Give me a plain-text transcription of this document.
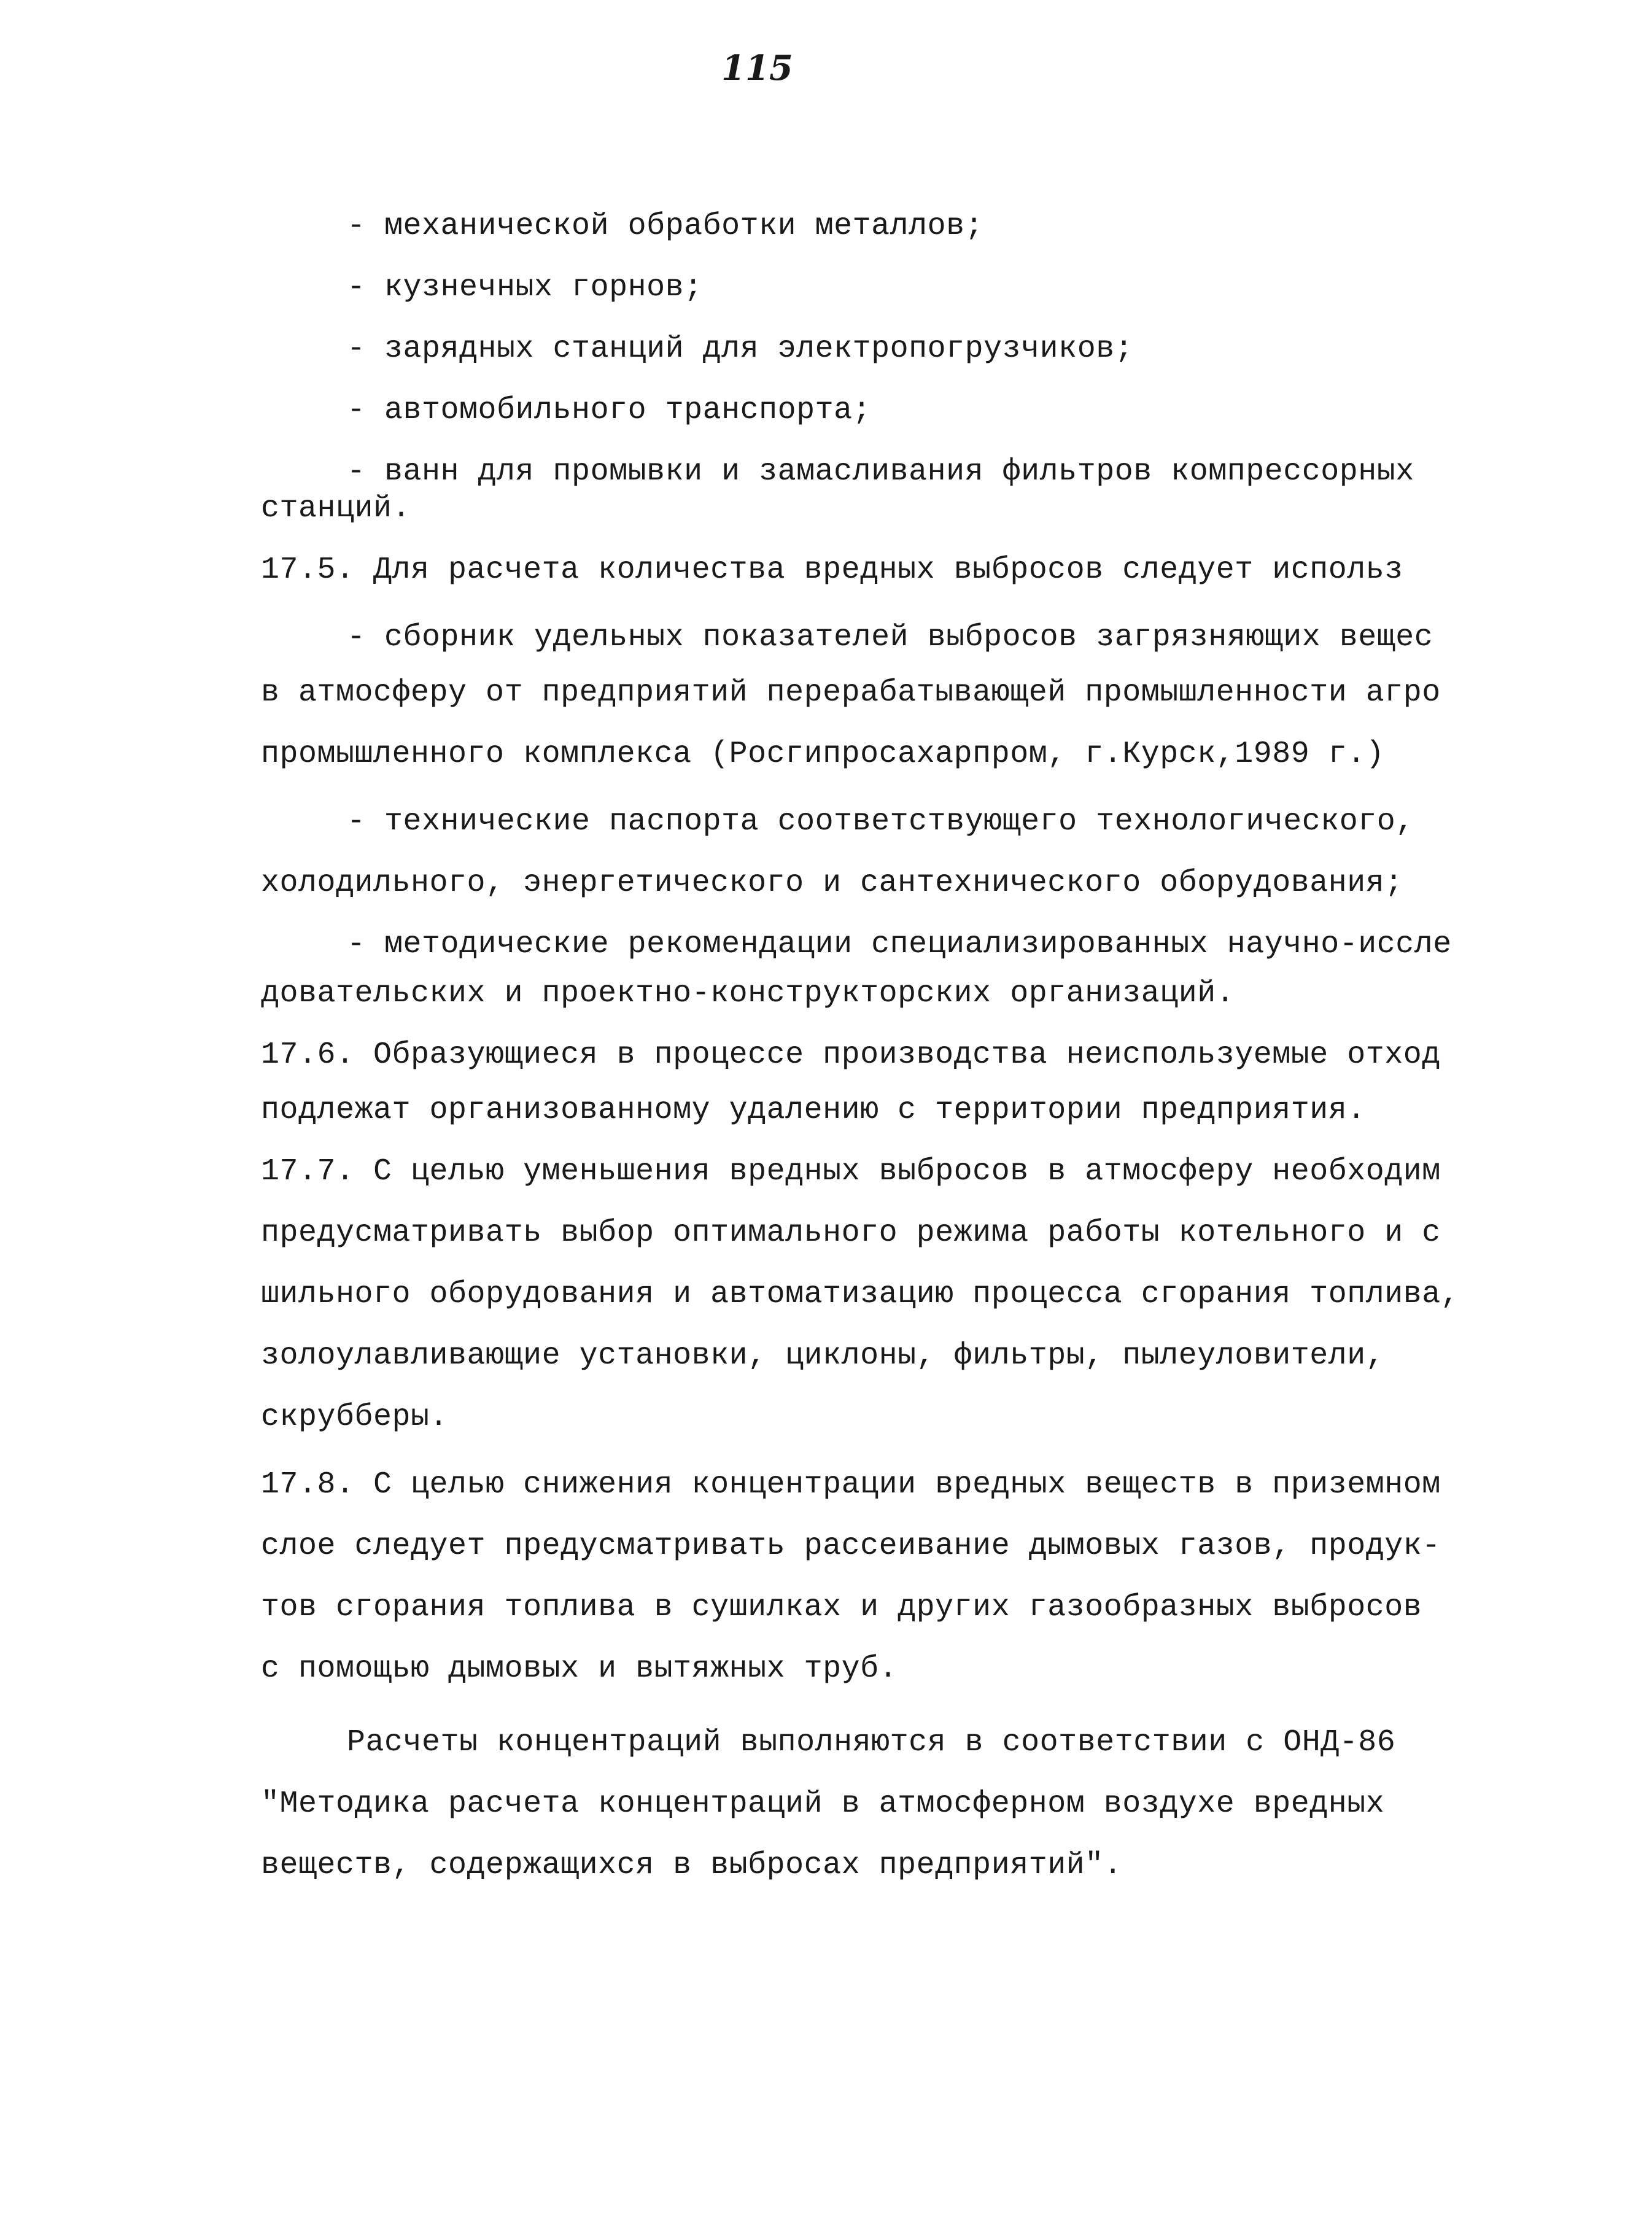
115
- механической обработки металлов;
- кузнечных горнов;
- зарядных станций для электропогрузчиков;
- автомобильного транспорта;
- ванн для промывки и замасливания фильтров компрессорных
станций.
17.5. Для расчета количества вредных выбросов следует использ
- сборник удельных показателей выбросов загрязняющих вещес
в атмосферу от предприятий перерабатывающей промышленности агро
промышленного комплекса (Росгипросахарпром, г.Курск,1989 г.)
- технические паспорта соответствующего технологического,
холодильного, энергетического и сантехнического оборудования;
- методические рекомендации специализированных научно-иссле
довательских и проектно-конструкторских организаций.
17.6. Образующиеся в процессе производства неиспользуемые отход
подлежат организованному удалению с территории предприятия.
17.7. С целью уменьшения вредных выбросов в атмосферу необходим
предусматривать выбор оптимального режима работы котельного и с
шильного оборудования и автоматизацию процесса сгорания топлива,
золоулавливающие установки, циклоны, фильтры, пылеуловители,
скрубберы.
17.8. С целью снижения концентрации вредных веществ в приземном
слое следует предусматривать рассеивание дымовых газов, продук-
тов сгорания топлива в сушилках и других газообразных выбросов
с помощью дымовых и вытяжных труб.
Расчеты концентраций выполняются в соответствии с ОНД-86
"Методика расчета концентраций в атмосферном воздухе вредных
веществ, содержащихся в выбросах предприятий".
